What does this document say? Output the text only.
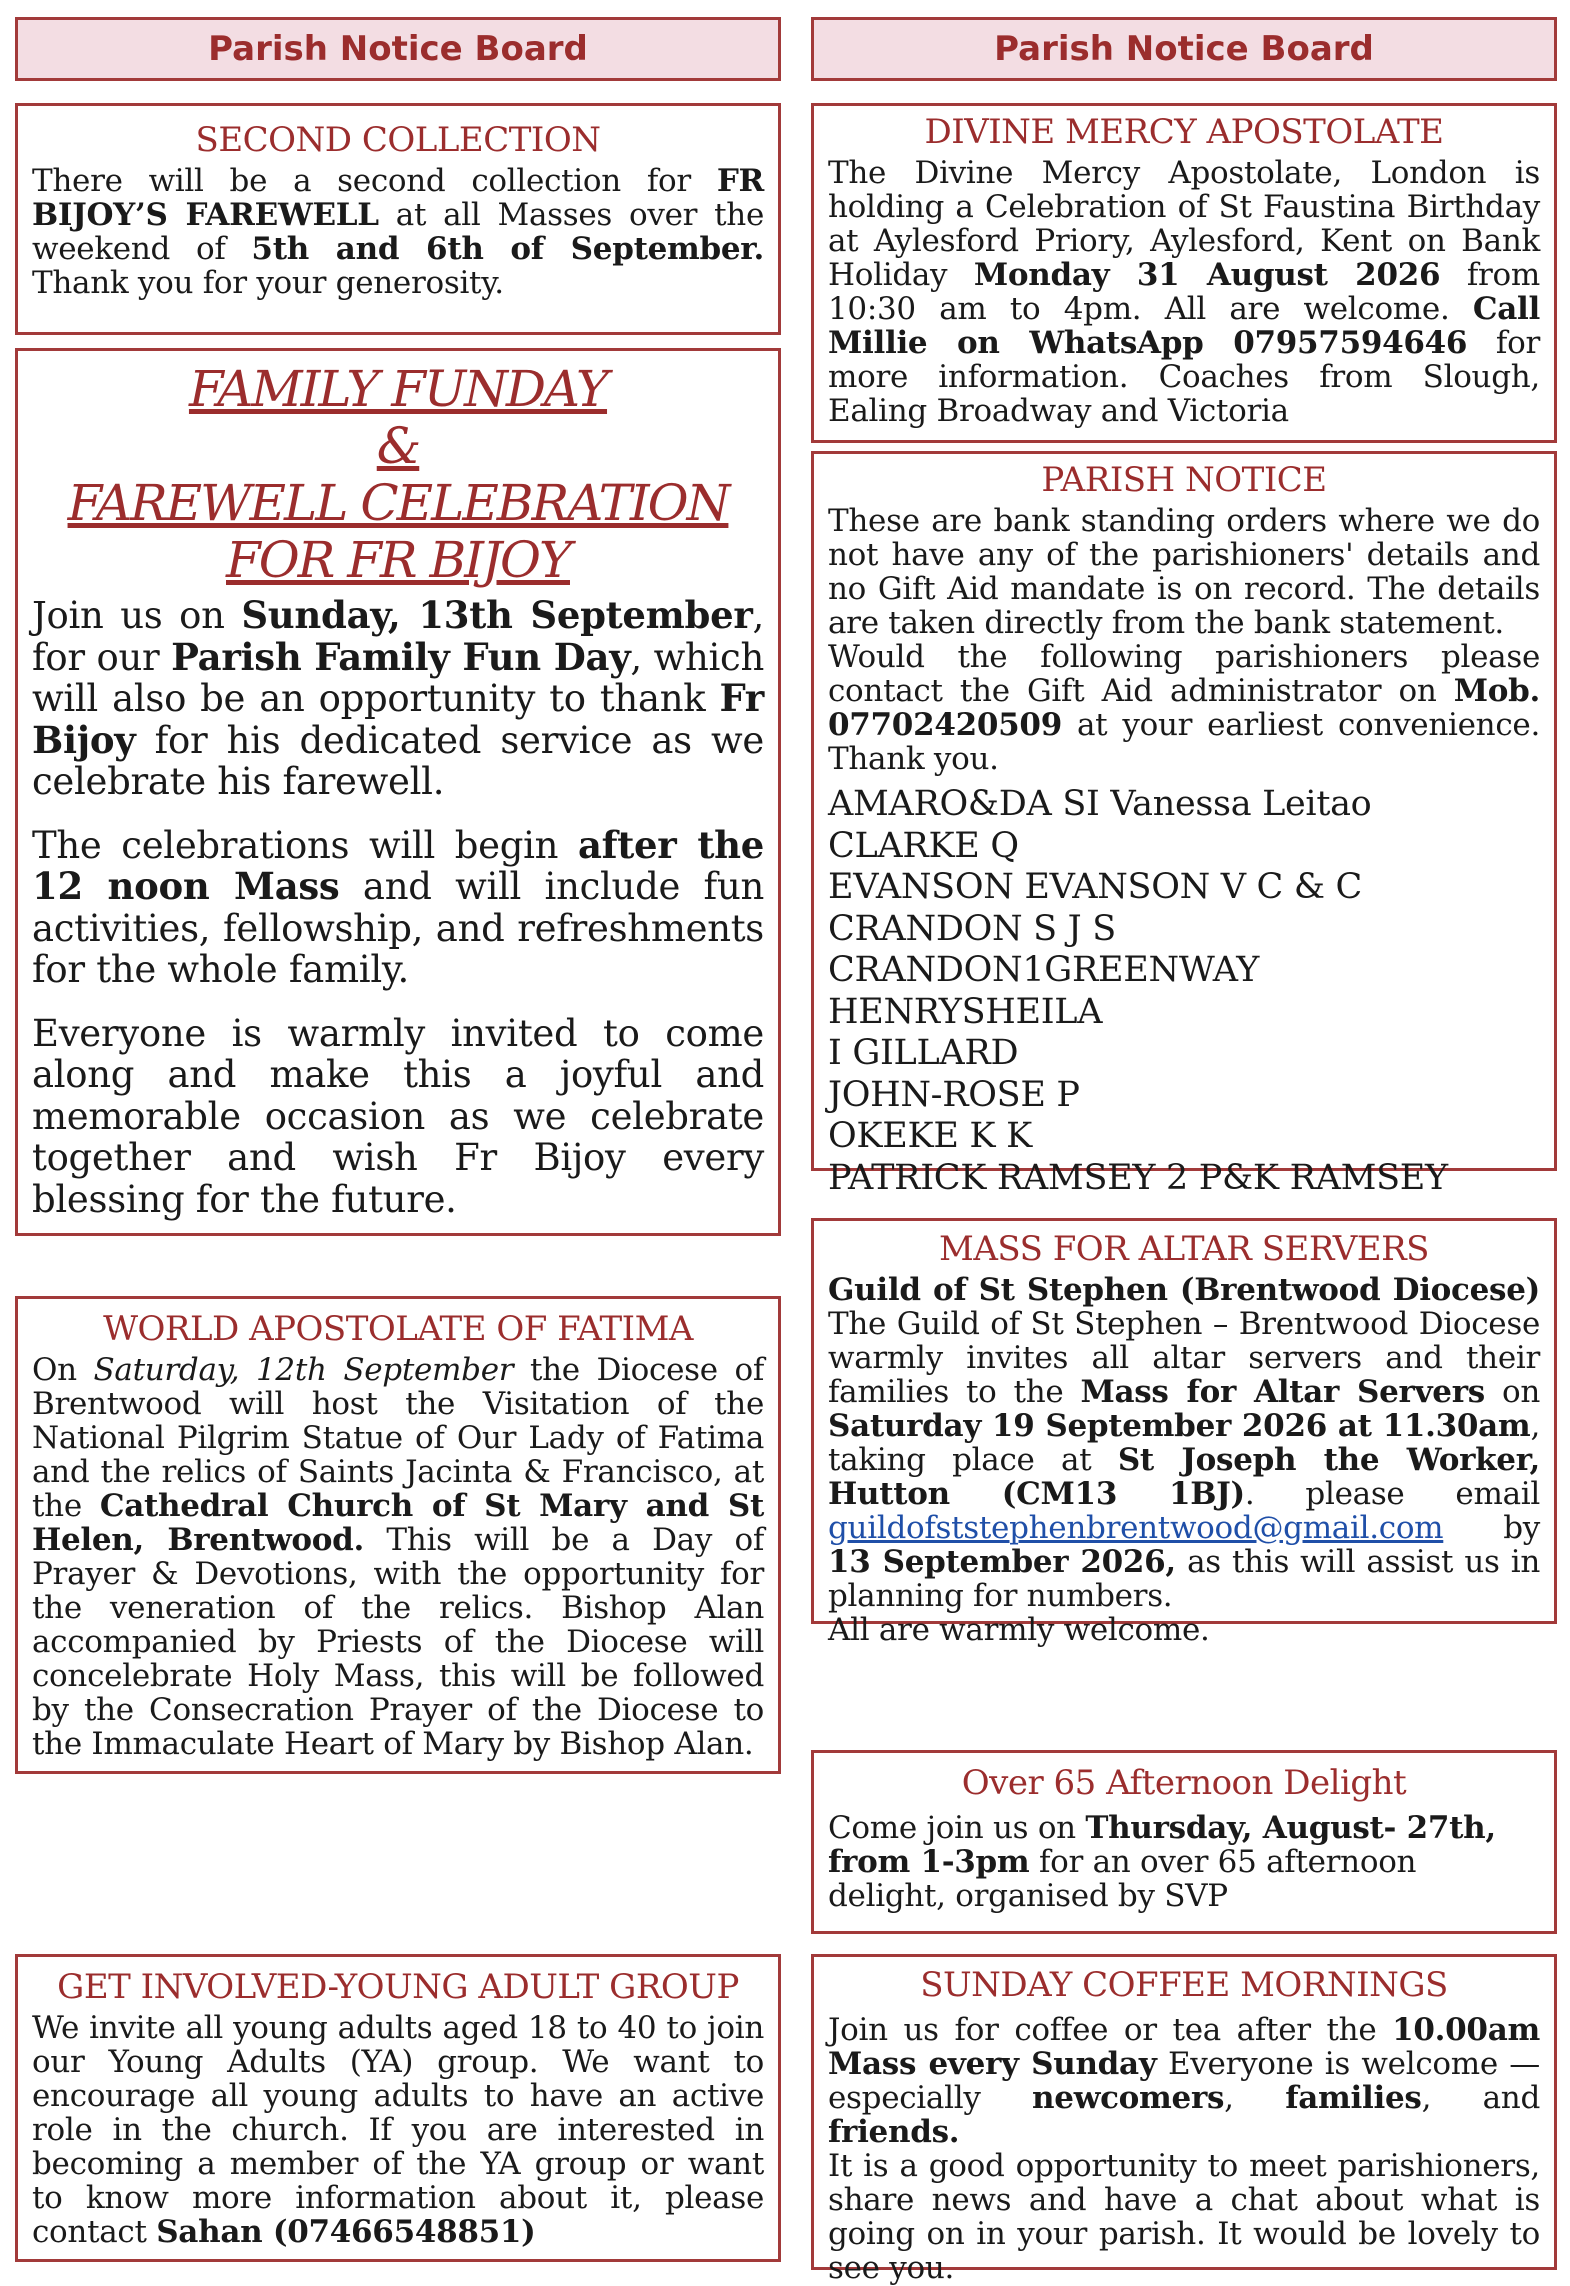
Parish Notice Board	Parish Notice Board
SECOND COLLECTION

There will be a second collection for FR BIJOY’S FAREWELL at all Masses over the weekend of 5th and 6th of September. Thank you for your generosity.

FAMILY FUNDAY
&
FAREWELL CELEBRATION
FOR FR BIJOY

Join us on Sunday, 13th September, for our Parish Family Fun Day, which will also be an opportunity to thank Fr Bijoy for his dedicated service as we celebrate his farewell.

The celebrations will begin after the 12 noon Mass and will include fun activities, fellowship, and refreshments for the whole family.

Everyone is warmly invited to come along and make this a joyful and memorable occasion as we celebrate together and wish Fr Bijoy every blessing for the future.

WORLD APOSTOLATE OF FATIMA

On Saturday, 12th September the Diocese of Brentwood will host the Visitation of the National Pilgrim Statue of Our Lady of Fatima and the relics of Saints Jacinta & Francisco, at the Cathedral Church of St Mary and St Helen, Brentwood. This will be a Day of Prayer & Devotions, with the opportunity for the veneration of the relics. Bishop Alan accompanied by Priests of the Diocese will concelebrate Holy Mass, this will be followed by the Consecration Prayer of the Diocese to the Immaculate Heart of Mary by Bishop Alan.

GET INVOLVED-YOUNG ADULT GROUP

We invite all young adults aged 18 to 40 to join our Young Adults (YA) group. We want to encourage all young adults to have an active role in the church. If you are interested in becoming a member of the YA group or want to know more information about it, please contact Sahan (07466548851)

DIVINE MERCY APOSTOLATE

The Divine Mercy Apostolate, London is holding a Celebration of St Faustina Birthday at Aylesford Priory, Aylesford, Kent on Bank Holiday Monday 31 August 2026 from 10:30 am to 4pm. All are welcome. Call Millie on WhatsApp 07957594646 for more information. Coaches from Slough, Ealing Broadway and Victoria

PARISH NOTICE

These are bank standing orders where we do not have any of the parishioners' details and no Gift Aid mandate is on record. The details are taken directly from the bank statement.

Would the following parishioners please contact the Gift Aid administrator on Mob. 07702420509 at your earliest convenience. Thank you.

AMARO&DA SI Vanessa Leitao

CLARKE Q

EVANSON EVANSON V C & C

CRANDON S J S CRANDON1GREENWAY

HENRYSHEILA

I GILLARD

JOHN-ROSE P

OKEKE K K

PATRICK RAMSEY 2 P&K RAMSEY

MASS FOR ALTAR SERVERS

Guild of St Stephen (Brentwood Diocese) The Guild of St Stephen – Brentwood Diocese warmly invites all altar servers and their families to the Mass for Altar Servers on Saturday 19 September 2026 at 11.30am, taking place at St Joseph the Worker, Hutton (CM13 1BJ). please email guildofststephenbrentwood@gmail.com by 13 September 2026, as this will assist us in planning for numbers.

All are warmly welcome.

Over 65 Afternoon Delight

Come join us on Thursday, August- 27th, from 1-3pm for an over 65 afternoon delight, organised by SVP

SUNDAY COFFEE MORNINGS

Join us for coffee or tea after the 10.00am Mass every Sunday Everyone is welcome — especially newcomers, families, and friends.

It is a good opportunity to meet parishioners, share news and have a chat about what is going on in your parish. It would be lovely to see you.
